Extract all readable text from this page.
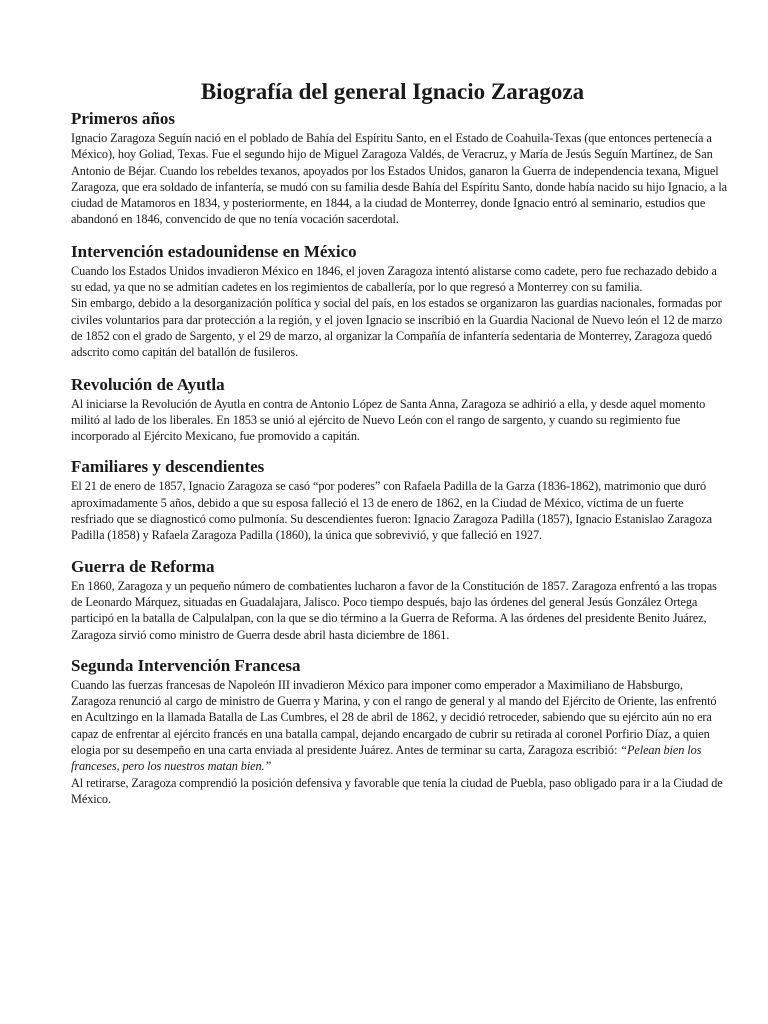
Biografía del general Ignacio Zaragoza
Primeros años

Ignacio Zaragoza Seguín nació en el poblado de Bahía del Espíritu Santo, en el Estado de Coahuila-Texas (que entonces pertenecía a México), hoy Goliad, Texas. Fue el segundo hijo de Miguel Zaragoza Valdés, de Veracruz, y María de Jesús Seguín Martínez, de San Antonio de Béjar. Cuando los rebeldes texanos, apoyados por los Estados Unidos, ganaron la Guerra de independencia texana, Miguel Zaragoza, que era soldado de infantería, se mudó con su familia desde Bahía del Espíritu Santo, donde había nacido su hijo Ignacio, a la ciudad de Matamoros en 1834, y posteriormente, en 1844, a la ciudad de Monterrey, donde Ignacio entró al seminario, estudios que abandonó en 1846, convencido de que no tenía vocación sacerdotal.

Intervención estadounidense en México

Cuando los Estados Unidos invadieron México en 1846, el joven Zaragoza intentó alistarse como cadete, pero fue rechazado debido a su edad, ya que no se admitían cadetes en los regimientos de caballería, por lo que regresó a Monterrey con su familia.

Sin embargo, debido a la desorganización política y social del país, en los estados se organizaron las guardias nacionales, formadas por civiles voluntarios para dar protección a la región, y el joven Ignacio se inscribió en la Guardia Nacional de Nuevo león el 12 de marzo de 1852 con el grado de Sargento, y el 29 de marzo, al organizar la Compañía de infantería sedentaria de Monterrey, Zaragoza quedó adscrito como capitán del batallón de fusileros.

Revolución de Ayutla

Al iniciarse la Revolución de Ayutla en contra de Antonio López de Santa Anna, Zaragoza se adhirió a ella, y desde aquel momento militó al lado de los liberales. En 1853 se unió al ejército de Nuevo León con el rango de sargento, y cuando su regimiento fue incorporado al Ejército Mexicano, fue promovido a capitán.

Familiares y descendientes

El 21 de enero de 1857, Ignacio Zaragoza se casó “por poderes” con Rafaela Padilla de la Garza (1836-1862), matrimonio que duró aproximadamente 5 años, debido a que su esposa falleció el 13 de enero de 1862, en la Ciudad de México, víctima de un fuerte resfriado que se diagnosticó como pulmonía. Su descendientes fueron: Ignacio Zaragoza Padilla (1857), Ignacio Estanislao Zaragoza Padilla (1858) y Rafaela Zaragoza Padilla (1860), la única que sobrevivió, y que falleció en 1927.

Guerra de Reforma

En 1860, Zaragoza y un pequeño número de combatientes lucharon a favor de la Constitución de 1857. Zaragoza enfrentó a las tropas de Leonardo Márquez, situadas en Guadalajara, Jalisco. Poco tiempo después, bajo las órdenes del general Jesús González Ortega participó en la batalla de Calpulalpan, con la que se dio término a la Guerra de Reforma. A las órdenes del presidente Benito Juárez, Zaragoza sirvió como ministro de Guerra desde abril hasta diciembre de 1861.

Segunda Intervención Francesa

Cuando las fuerzas francesas de Napoleón III invadieron México para imponer como emperador a Maximiliano de Habsburgo, Zaragoza renunció al cargo de ministro de Guerra y Marina, y con el rango de general y al mando del Ejército de Oriente, las enfrentó en Acultzingo en la llamada Batalla de Las Cumbres, el 28 de abril de 1862, y decidió retroceder, sabiendo que su ejército aún no era capaz de enfrentar al ejército francés en una batalla campal, dejando encargado de cubrir su retirada al coronel Porfirio Díaz, a quien elogia por su desempeño en una carta enviada al presidente Juárez. Antes de terminar su carta, Zaragoza escribió: “Pelean bien los franceses, pero los nuestros matan bien.”

Al retirarse, Zaragoza comprendió la posición defensiva y favorable que tenía la ciudad de Puebla, paso obligado para ir a la Ciudad de México.
